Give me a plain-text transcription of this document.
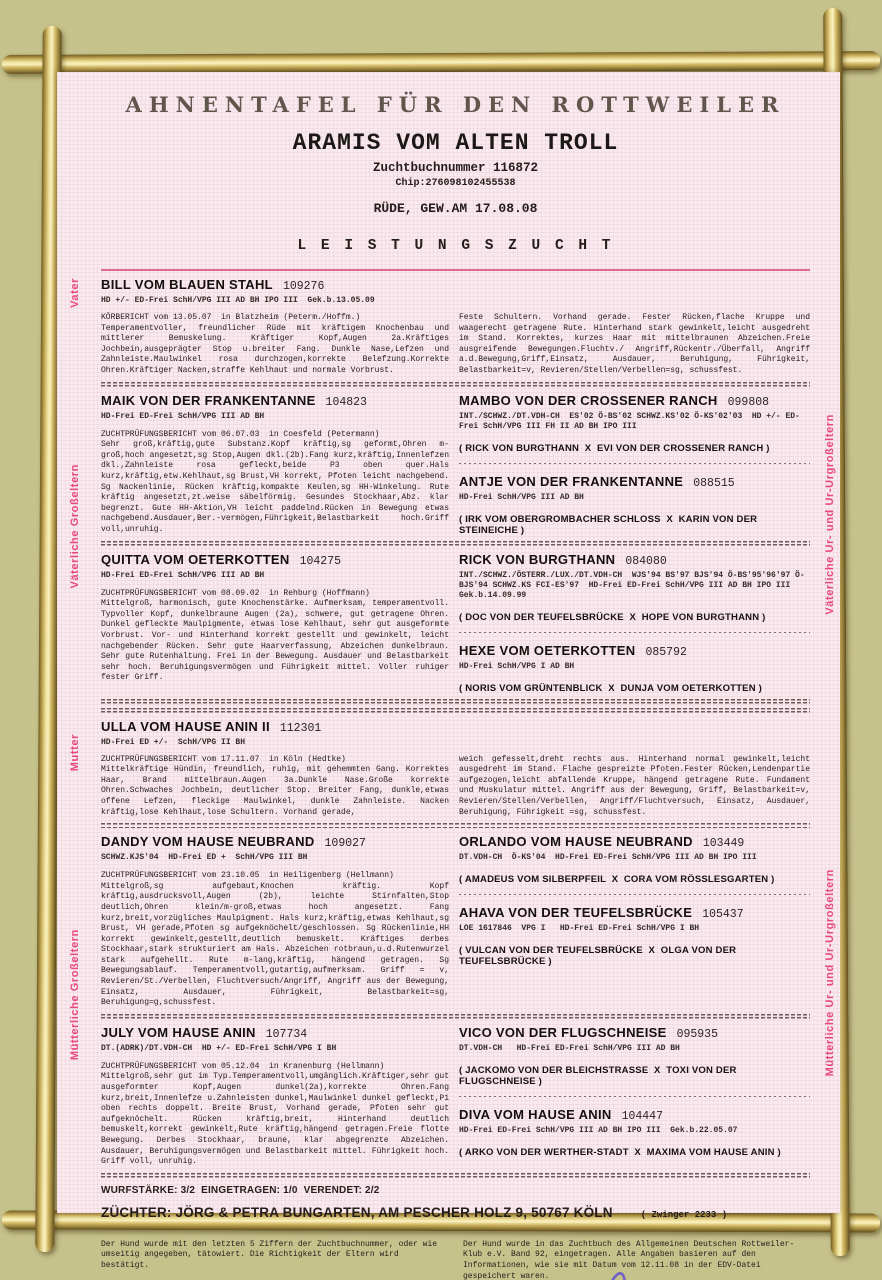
AHNENTAFEL FÜR DEN ROTTWEILER
ARAMIS VOM ALTEN TROLL
Zuchtbuchnummer 116872
Chip:276098102455538
RÜDE, GEW.AM 17.08.08
L E I S T U N G S Z U C H T
Vater BILL VOM BLAUEN STAHL 109276
HD +/- ED-Frei SchH/VPG III AD BH IPO III  Gek.b.13.05.09
KÖRBERICHT vom 13.05.07  in Blatzheim (Peterm./Hoffm.)
Temperamentvoller, freundlicher Rüde mit kräftigem Knochenbau und mittlerer Bemuskelung. Kräftiger Kopf,Augen 2a.Kräftiges Jochbein,ausgeprägter Stop u.breiter Fang. Dunkle Nase,Lefzen und Zahnleiste.Maulwinkel rosa durchzogen,korrekte Belefzung.Korrekte Ohren.Kräftiger Nacken,straffe Kehlhaut und normale Vorbrust.
Feste Schultern. Vorhand gerade. Fester Rücken,flache Kruppe und waagerecht getragene Rute. Hinterhand stark gewinkelt,leicht ausgedreht im Stand. Korrektes, kurzes Haar mit mittelbraunen Abzeichen.Freie ausgreifende Bewegungen.Fluchtv./ Angriff,Rückentr./Überfall, Angriff a.d.Bewegung,Griff,Einsatz, Ausdauer, Beruhigung, Führigkeit, Belastbarkeit=v, Revieren/Stellen/Verbellen=sg, schussfest.
Väterliche Großeltern	Väterliche Ur- und Ur-Urgroßeltern
MAIK VON DER FRANKENTANNE 104823
HD-Frei ED-Frei SchH/VPG III AD BH
ZUCHTPRÜFUNGSBERICHT vom 06.07.03  in Coesfeld (Petermann)
Sehr groß,kräftig,gute Substanz.Kopf kräftig,sg geformt,Ohren m-groß,hoch angesetzt,sg Stop,Augen dkl.(2b).Fang kurz,kräftig,Innenlefzen dkl.,Zahnleiste rosa gefleckt,beide P3 oben quer.Hals kurz,kräftig,etw.Kehlhaut,sg Brust,VH korrekt, Pfoten leicht nachgebend. Sg Nackenlinie, Rücken kräftig,kompakte Keulen,sg HH-Winkelung. Rute kräftig angesetzt,zt.weise säbelförmig. Gesundes Stockhaar,Abz. klar begrenzt. Gute HH-Aktion,VH leicht paddelnd.Rücken in Bewegung etwas nachgebend.Ausdauer,Ber.-vermögen,Führigkeit,Belastbarkeit hoch.Griff voll,unruhig.
MAMBO VON DER CROSSENER RANCH 099808
INT./SCHWZ./DT.VDH-CH  ES'02 Ö-BS'02 SCHWZ.KS'02 Ö-KS'02'03  HD +/- ED-Frei SchH/VPG III FH II AD BH IPO III
( RICK VON BURGTHANN  X  EVI VON DER CROSSENER RANCH )
ANTJE VON DER FRANKENTANNE 088515
HD-Frei SchH/VPG III AD BH
( IRK VOM OBERGROMBACHER SCHLOSS  X  KARIN VON DER STEINEICHE )
QUITTA VOM OETERKOTTEN 104275
HD-Frei ED-Frei SchH/VPG III AD BH
ZUCHTPRÜFUNGSBERICHT vom 08.09.02  in Rehburg (Hoffmann)
Mittelgroß, harmonisch, gute Knochenstärke. Aufmerksam, temperamentvoll. Typvoller Kopf, dunkelbraune Augen (2a), schwere, gut getragene Ohren. Dunkel gefleckte Maulpigmente, etwas lose Kehlhaut, sehr gut ausgeformte Vorbrust. Vor- und Hinterhand korrekt gestellt und gewinkelt, leicht nachgebender Rücken. Sehr gute Haarverfassung, Abzeichen dunkelbraun. Sehr gute Rutenhaltung. Frei in der Bewegung. Ausdauer und Belastbarkeit sehr hoch. Beruhigungsvermögen und Führigkeit mittel. Voller ruhiger fester Griff.
RICK VON BURGTHANN 084080
INT./SCHWZ./ÖSTERR./LUX./DT.VDH-CH  WJS'94 BS'97 BJS'94 Ö-BS'95'96'97 Ö-BJS'94 SCHWZ.KS FCI-ES'97  HD-Frei ED-Frei SchH/VPG III AD BH IPO III  Gek.b.14.09.99
( DOC VON DER TEUFELSBRÜCKE  X  HOPE VON BURGTHANN )
HEXE VOM OETERKOTTEN 085792
HD-Frei SchH/VPG I AD BH
( NORIS VOM GRÜNTENBLICK  X  DUNJA VOM OETERKOTTEN )
Mutter
ULLA VOM HAUSE ANIN II 112301
HD-Frei ED +/-  SchH/VPG II BH
ZUCHTPRÜFUNGSBERICHT vom 17.11.07  in Köln (Hedtke)
Mittelkräftige Hündin, freundlich, ruhig, mit gehemmten Gang. Korrektes Haar, Brand mittelbraun.Augen 3a.Dunkle Nase.Große korrekte Ohren.Schwaches Jochbein, deutlicher Stop. Breiter Fang, dunkle,etwas offene Lefzen, fleckige Maulwinkel, dunkle Zahnleiste. Nacken kräftig,lose Kehlhaut,lose Schultern. Vorhand gerade,
weich gefesselt,dreht rechts aus. Hinterhand normal gewinkelt,leicht ausgedreht im Stand. Flache gespreizte Pfoten.Fester Rücken,Lendenpartie aufgezogen,leicht abfallende Kruppe, hängend getragene Rute. Fundament und Muskulatur mittel. Angriff aus der Bewegung, Griff, Belastbarkeit=v, Revieren/Stellen/Verbellen, Angriff/Fluchtversuch, Einsatz, Ausdauer, Beruhigung, Führigkeit =sg, schussfest.
Mütterliche Großeltern	Mütterliche Ur- und Ur-Urgroßeltern
DANDY VOM HAUSE NEUBRAND 109027
SCHWZ.KJS'04  HD-Frei ED +  SchH/VPG III BH
ZUCHTPRÜFUNGSBERICHT vom 23.10.05  in Heiligenberg (Hellmann)
Mittelgroß,sg aufgebaut,Knochen kräftig. Kopf kräftig,ausdrucksvoll,Augen (2b), leichte Stirnfalten,Stop deutlich,Ohren klein/m-groß,etwas hoch angesetzt. Fang kurz,breit,vorzügliches Maulpigment. Hals kurz,kräftig,etwas Kehlhaut,sg Brust, VH gerade,Pfoten sg aufgeknöchelt/geschlossen. Sg Rückenlinie,HH korrekt gewinkelt,gestellt,deutlich bemuskelt. Kräftiges derbes Stockhaar,stark strukturiert am Hals. Abzeichen rotbraun,u.d.Rutenwurzel stark aufgehellt. Rute m-lang,kräftig, hängend getragen. Sg Bewegungsablauf. Temperamentvoll,gutartig,aufmerksam. Griff = v, Revieren/St./Verbellen, Fluchtversuch/Angriff, Angriff aus der Bewegung, Einsatz, Ausdauer, Führigkeit, Belastbarkeit=sg, Beruhigung=g,schussfest.
ORLANDO VOM HAUSE NEUBRAND 103449
DT.VDH-CH  Ö-KS'04  HD-Frei ED-Frei SchH/VPG III AD BH IPO III
( AMADEUS VOM SILBERPFEIL  X  CORA VOM RÖSSLESGARTEN )
AHAVA VON DER TEUFELSBRÜCKE 105437
LOE 1617846  VPG I   HD-Frei ED-Frei SchH/VPG I BH
( VULCAN VON DER TEUFELSBRÜCKE  X  OLGA VON DER TEUFELSBRÜCKE )
JULY VOM HAUSE ANIN 107734
DT.(ADRK)/DT.VDH-CH  HD +/- ED-Frei SchH/VPG I BH
ZUCHTPRÜFUNGSBERICHT vom 05.12.04  in Kranenburg (Hellmann)
Mittelgroß,sehr gut im Typ.Temperamentvoll,umgänglich.Kräftiger,sehr gut ausgeformter Kopf,Augen dunkel(2a),korrekte Ohren.Fang kurz,breit,Innenlefze u.Zahnleisten dunkel,Maulwinkel dunkel gefleckt,P1 oben rechts doppelt. Breite Brust, Vorhand gerade, Pfoten sehr gut aufgeknöchelt. Rücken kräftig,breit, Hinterhand deutlich bemuskelt,korrekt gewinkelt,Rute kräftig,hängend getragen.Freie flotte Bewegung. Derbes Stockhaar, braune, klar abgegrenzte Abzeichen. Ausdauer, Beruhigungsvermögen und Belastbarkeit mittel. Führigkeit hoch. Griff voll, unruhig.
VICO VON DER FLUGSCHNEISE 095935
DT.VDH-CH   HD-Frei ED-Frei SchH/VPG III AD BH
( JACKOMO VON DER BLEICHSTRASSE  X  TOXI VON DER FLUGSCHNEISE )
DIVA VOM HAUSE ANIN 104447
HD-Frei ED-Frei SchH/VPG III AD BH IPO III  Gek.b.22.05.07
( ARKO VON DER WERTHER-STADT  X  MAXIMA VOM HAUSE ANIN )
WURFSTÄRKE: 3/2  EINGETRAGEN: 1/0  VERENDET: 2/2
ZÜCHTER: JÖRG & PETRA BUNGARTEN, AM PESCHER HOLZ 9, 50767 KÖLN	( Zwinger 2233 )
Der Hund wurde mit den letzten 5 Ziffern der Zuchtbuchnummer, oder wie umseitig angegeben, tätowiert. Die Richtigkeit der Eltern wird bestätigt.
Der Hund wurde in das Zuchtbuch des Allgemeinen Deutschen Rottweiler-Klub e.V. Band 92, eingetragen. Alle Angaben basieren auf den Informationen, wie sie mit Datum vom 12.11.08 in der EDV-Datei gespeichert waren.
